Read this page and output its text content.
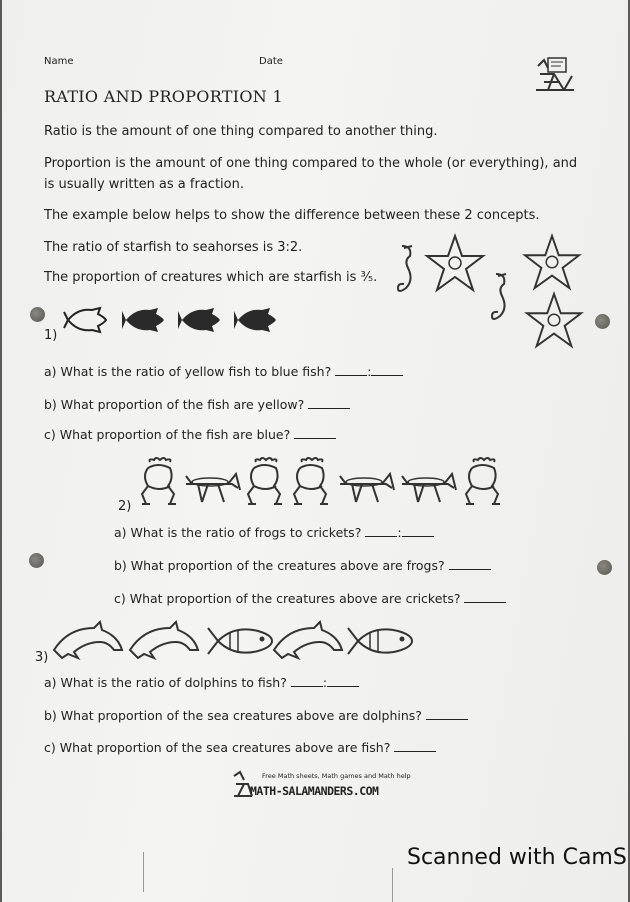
Name	Date
RATIO AND PROPORTION 1
Ratio is the amount of one thing compared to another thing.
Proportion is the amount of one thing compared to the whole (or everything), and
is usually written as a fraction.
The example below helps to show the difference between these 2 concepts.
The ratio of starfish to seahorses is 3:2.
The proportion of creatures which are starfish is ³⁄₅.
1)
a) What is the ratio of yellow fish to blue fish?	:
b) What proportion of the fish are yellow?
c) What proportion of the fish are blue?
2)
a) What is the ratio of frogs to crickets?	:
b) What proportion of the creatures above are frogs?
c) What proportion of the creatures above are crickets?
3)
a) What is the ratio of dolphins to fish?	:
b) What proportion of the sea creatures above are dolphins?
c) What proportion of the sea creatures above are fish?
Free Math sheets, Math games and Math help
MATH-SALAMANDERS.COM
Scanned with CamS
